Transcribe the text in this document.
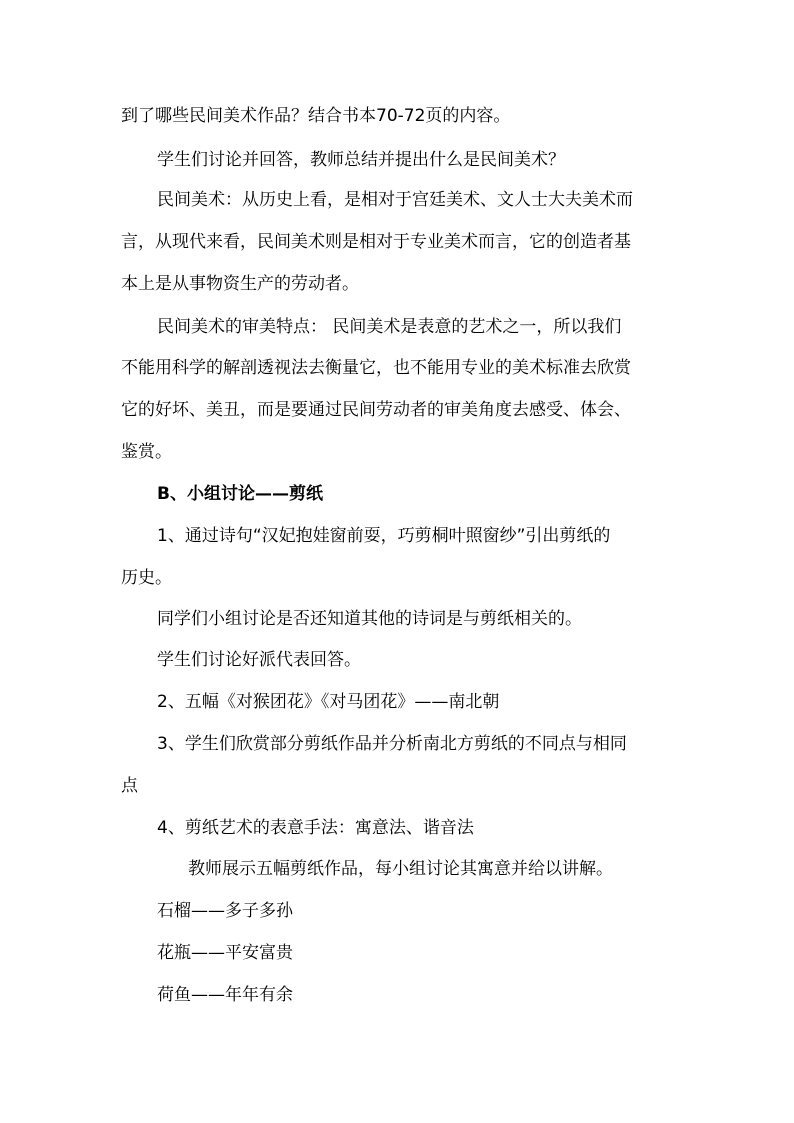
到了哪些民间美术作品？结合书本70-72页的内容。
学生们讨论并回答，教师总结并提出什么是民间美术？
民间美术：从历史上看，是相对于宫廷美术、文人士大夫美术而
言，从现代来看，民间美术则是相对于专业美术而言，它的创造者基
本上是从事物资生产的劳动者。
民间美术的审美特点： 民间美术是表意的艺术之一，所以我们
不能用科学的解剖透视法去衡量它，也不能用专业的美术标准去欣赏
它的好坏、美丑，而是要通过民间劳动者的审美角度去感受、体会、
鉴赏。
B、小组讨论——剪纸
1、通过诗句“汉妃抱娃窗前耍，巧剪桐叶照窗纱”引出剪纸的
历史。
同学们小组讨论是否还知道其他的诗词是与剪纸相关的。
学生们讨论好派代表回答。
2、五幅《对猴团花》《对马团花》——南北朝
3、学生们欣赏部分剪纸作品并分析南北方剪纸的不同点与相同
点
4、剪纸艺术的表意手法：寓意法、谐音法
教师展示五幅剪纸作品，每小组讨论其寓意并给以讲解。
石榴——多子多孙
花瓶——平安富贵
荷鱼——年年有余
